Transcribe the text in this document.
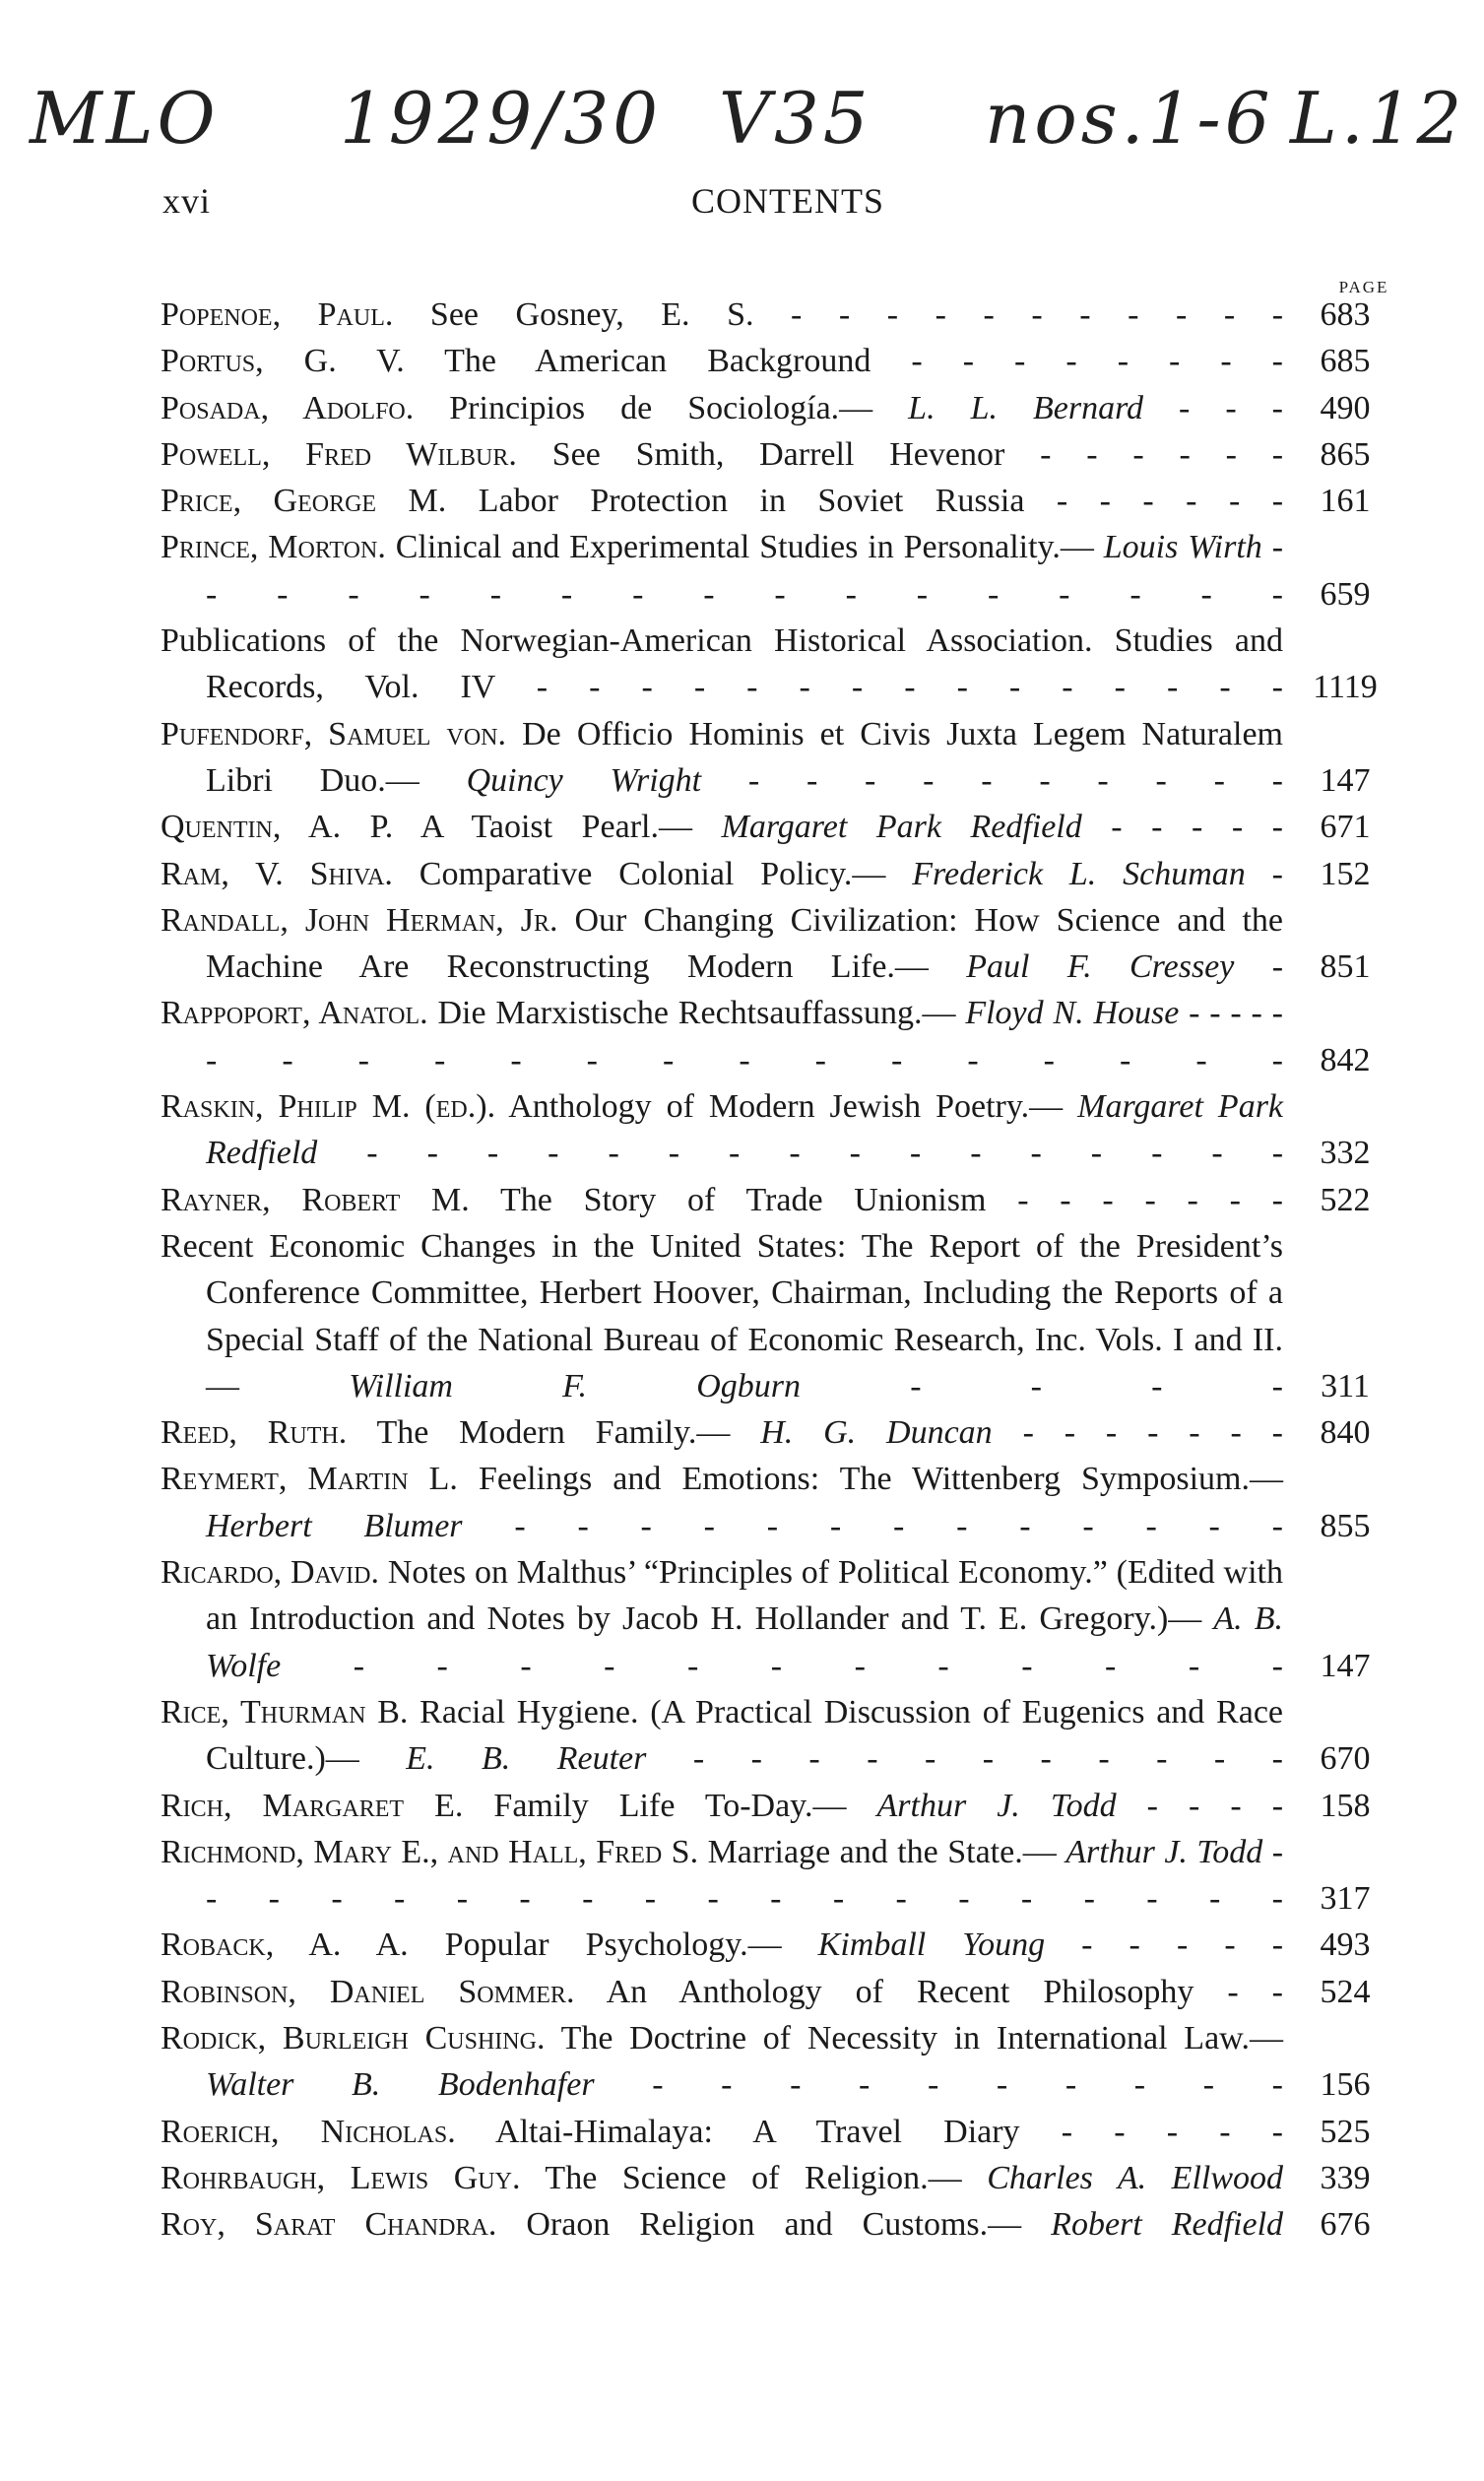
MLO 1929/30 V35 nos.1-6 L.12
xvi	CONTENTS
PAGE
Popenoe, Paul. See Gosney, E. S. - - - - - - - - - - -	683
Portus, G. V. The American Background - - - - - - - -	685
Posada, Adolfo. Principios de Sociología.— L. L. Bernard - - -	490
Powell, Fred Wilbur. See Smith, Darrell Hevenor - - - - - -	865
Price, George M. Labor Protection in Soviet Russia - - - - - -	161
Prince, Morton. Clinical and Experimental Studies in Personality.— Louis Wirth - - - - - - - - - - - - - - - - -	659
Publications of the Norwegian-American Historical Association. Studies and Records, Vol. IV - - - - - - - - - - - - - - - 1119
Pufendorf, Samuel von. De Officio Hominis et Civis Juxta Legem Naturalem Libri Duo.— Quincy Wright - - - - - - - - - -	147
Quentin, A. P. A Taoist Pearl.— Margaret Park Redfield - - - - -	671
Ram, V. Shiva. Comparative Colonial Policy.— Frederick L. Schuman -	152
Randall, John Herman, Jr. Our Changing Civilization: How Science and the Machine Are Reconstructing Modern Life.— Paul F. Cressey -	851
Rappoport, Anatol. Die Marxistische Rechtsauffassung.— Floyd N. House - - - - - - - - - - - - - - - - - - - -	842
Raskin, Philip M. (ed.). Anthology of Modern Jewish Poetry.— Margaret Park Redfield - - - - - - - - - - - - - - - -	332
Rayner, Robert M. The Story of Trade Unionism - - - - - - -	522
Recent Economic Changes in the United States: The Report of the President’s Conference Committee, Herbert Hoover, Chairman, Including the Reports of a Special Staff of the National Bureau of Economic Research, Inc. Vols. I and II.—	William F. Ogburn	- - - -	311
Reed, Ruth. The Modern Family.— H. G. Duncan - - - - - - -	840
Reymert, Martin L. Feelings and Emotions: The Wittenberg Symposium.— Herbert Blumer - - - - - - - - - - - - -	855
Ricardo, David. Notes on Malthus’ “Principles of Political Economy.” (Edited with an Introduction and Notes by Jacob H. Hollander and T. E. Gregory.)— A. B. Wolfe - - - - - - - - - - - -	147
Rice, Thurman B. Racial Hygiene. (A Practical Discussion of Eugenics and Race Culture.)— E. B. Reuter - - - - - - - - - - -	670
Rich, Margaret E. Family Life To-Day.— Arthur J. Todd - - - -	158
Richmond, Mary E., and Hall, Fred S. Marriage and the State.— Arthur J. Todd - - - - - - - - - - - - - - - - - - -	317
Roback, A. A. Popular Psychology.— Kimball Young - - - - -	493
Robinson, Daniel Sommer. An Anthology of Recent Philosophy - -	524
Rodick, Burleigh Cushing. The Doctrine of Necessity in International Law.— Walter B. Bodenhafer - - - - - - - - - -	156
Roerich, Nicholas. Altai-Himalaya: A Travel Diary - - - - -	525
Rohrbaugh, Lewis Guy. The Science of Religion.— Charles A. Ellwood	339
Roy, Sarat Chandra. Oraon Religion and Customs.— Robert Redfield	676
